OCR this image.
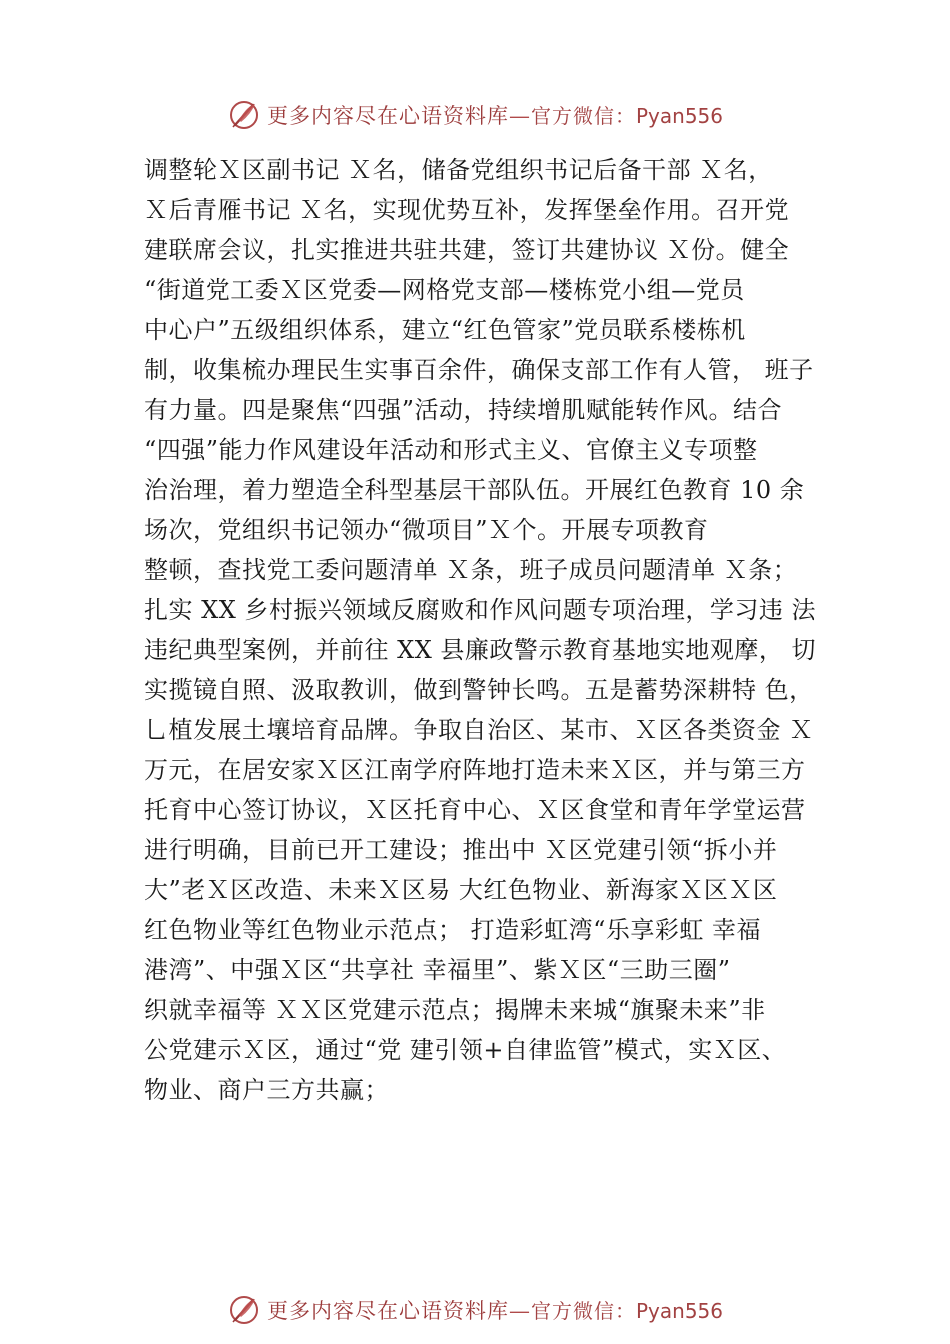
更多内容尽在心语资料库—官方微信：Pyan556
调整轮Ｘ区副书记 Ｘ名，储备党组织书记后备干部 Ｘ名，
Ｘ后青雁书记 Ｘ名，实现优势互补，发挥堡垒作用。召开党
建联席会议，扎实推进共驻共建，签订共建协议 Ｘ份。健全
“街道党工委Ｘ区党委—网格党支部—楼栋党小组—党员
中心户”五级组织体系，建立“红色管家”党员联系楼栋机
制，收集梳办理民生实事百余件，确保支部工作有人管， 班子
有力量。四是聚焦“四强”活动，持续增肌赋能转作风。结合
“四强”能力作风建设年活动和形式主义、官僚主义专项整
治治理，着力塑造全科型基层干部队伍。开展红色教育 10 余
场次，党组织书记领办“微项目”Ｘ个。开展专项教育
整顿，查找党工委问题清单 Ｘ条，班子成员问题清单 Ｘ条；
扎实 XX 乡村振兴领域反腐败和作风问题专项治理，学习违 法
违纪典型案例，并前往 XX 县廉政警示教育基地实地观摩， 切
实揽镜自照、汲取教训，做到警钟长鸣。五是蓄势深耕特 色，
乚植发展土壤培育品牌。争取自治区、某市、Ｘ区各类资金 Ｘ
万元，在居安家Ｘ区江南学府阵地打造未来Ｘ区，并与第三方
托育中心签订协议，Ｘ区托育中心、Ｘ区食堂和青年学堂运营
进行明确，目前已开工建设；推出中 Ｘ区党建引领“拆小并
大”老Ｘ区改造、未来Ｘ区易 大红色物业、新海家Ｘ区Ｘ区
红色物业等红色物业示范点； 打造彩虹湾“乐享彩虹 幸福
港湾”、中强Ｘ区“共享社 幸福里”、紫Ｘ区“三助三圈”
织就幸福等 ＸＸ区党建示范点；揭牌未来城“旗聚未来”非
公党建示Ｘ区，通过“党 建引领+自律监管”模式，实Ｘ区、
物业、商户三方共赢；
更多内容尽在心语资料库—官方微信：Pyan556
